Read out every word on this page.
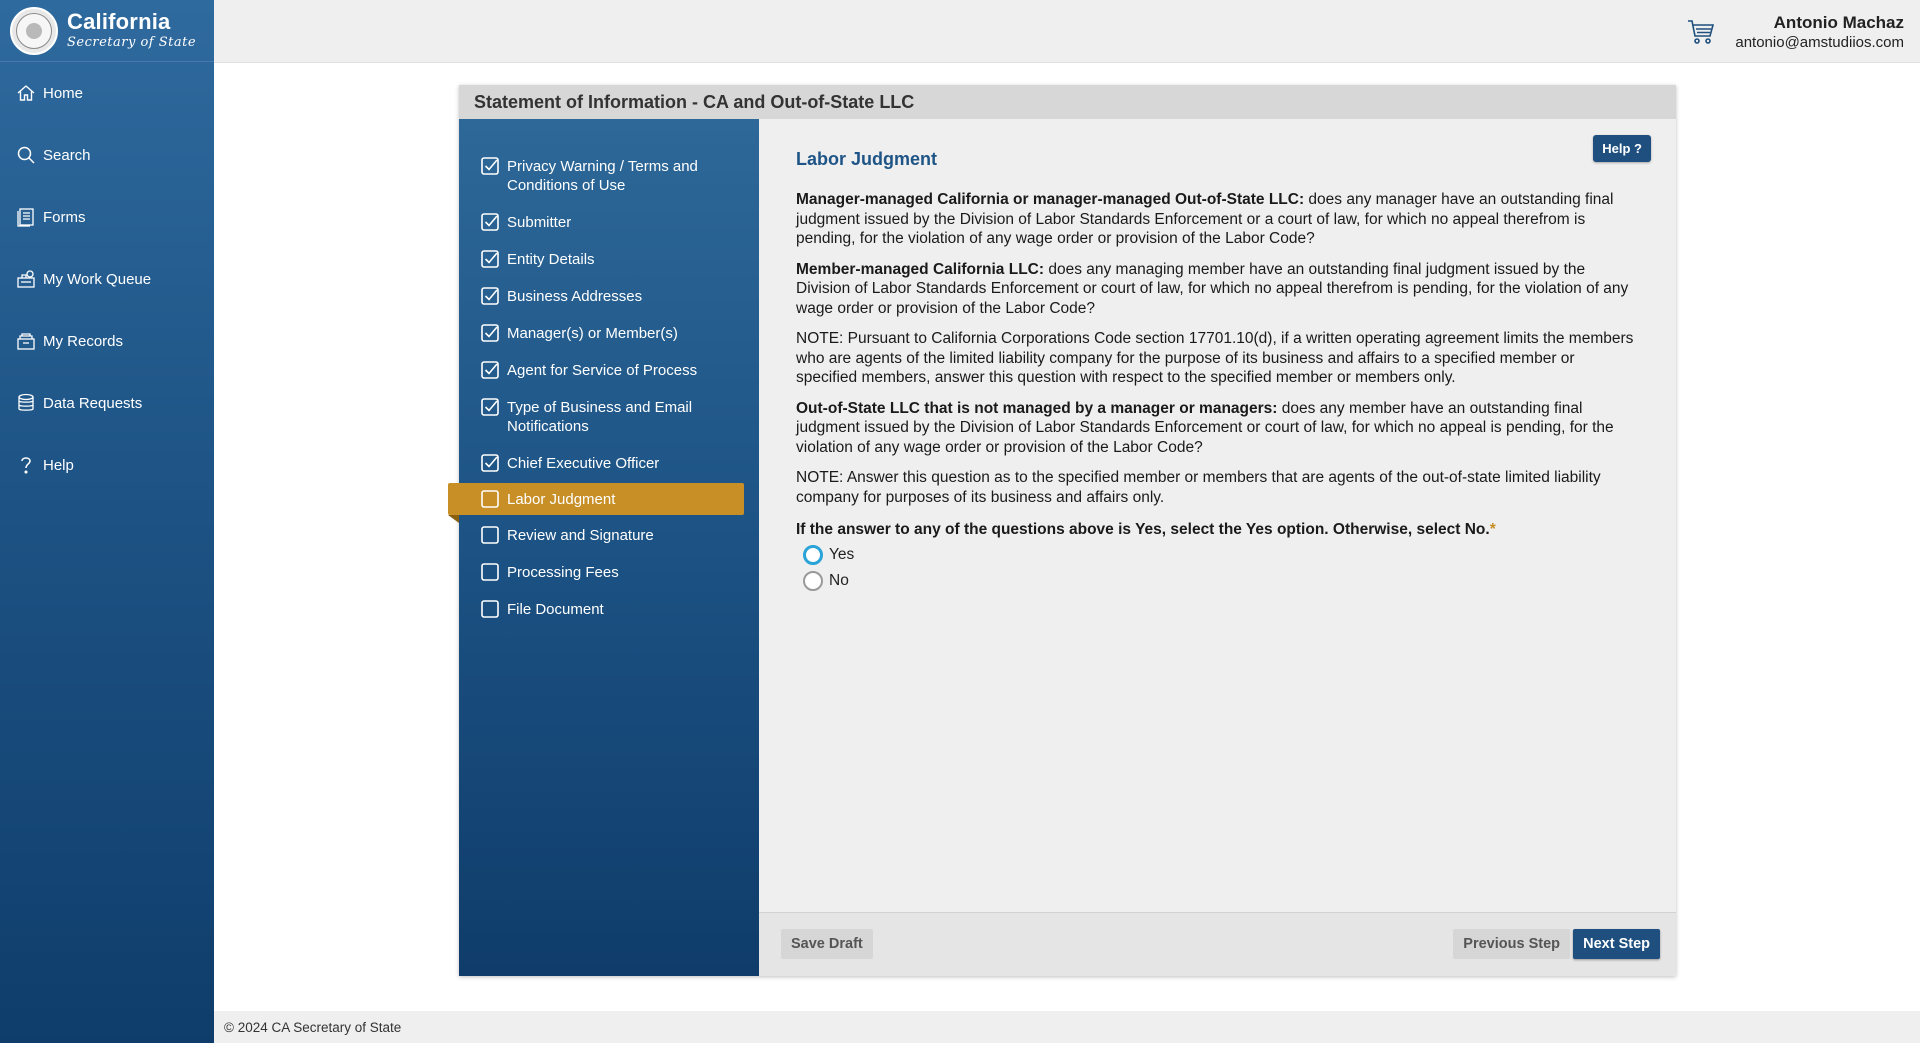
California
Secretary of State
Home
Search
Forms
My Work Queue
My Records
Data Requests
Help
Antonio Machaz
antonio@amstudiios.com
Statement of Information - CA and Out-of-State LLC
Privacy Warning / Terms and Conditions of Use
Submitter
Entity Details
Business Addresses
Manager(s) or Member(s)
Agent for Service of Process
Type of Business and Email Notifications
Chief Executive Officer
Labor Judgment
Review and Signature
Processing Fees
File Document
Help ?
Labor Judgment

Manager-managed California or manager-managed Out-of-State LLC: does any manager have an outstanding final judgment issued by the Division of Labor Standards Enforcement or a court of law, for which no appeal therefrom is pending, for the violation of any wage order or provision of the Labor Code?

Member-managed California LLC: does any managing member have an outstanding final judgment issued by the Division of Labor Standards Enforcement or court of law, for which no appeal therefrom is pending, for the violation of any wage order or provision of the Labor Code?

NOTE: Pursuant to California Corporations Code section 17701.10(d), if a written operating agreement limits the members who are agents of the limited liability company for the purpose of its business and affairs to a specified member or specified members, answer this question with respect to the specified member or members only.

Out-of-State LLC that is not managed by a manager or managers: does any member have an outstanding final judgment issued by the Division of Labor Standards Enforcement or court of law, for which no appeal is pending, for the violation of any wage order or provision of the Labor Code?

NOTE: Answer this question as to the specified member or members that are agents of the out-of-state limited liability company for purposes of its business and affairs only.

If the answer to any of the questions above is Yes, select the Yes option. Otherwise, select No.*
Yes
No
Save Draft	Previous Step	Next Step
© 2024 CA Secretary of State
